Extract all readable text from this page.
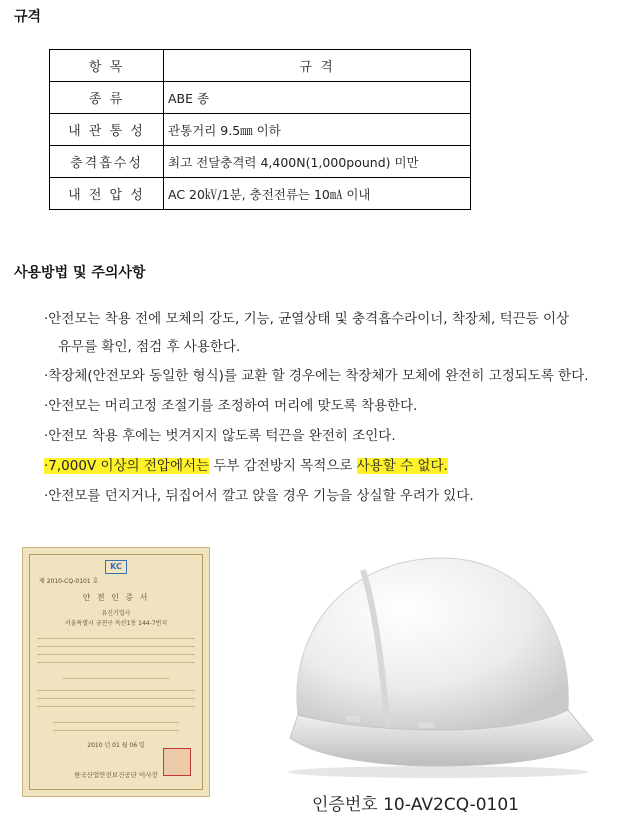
규격
항 목	규 격
종 류	ABE 종
내 관 통 성	관통거리 9.5㎜ 이하
충격흡수성	최고 전달충격력 4,400N(1,000pound) 미만
내 전 압 성	AC 20㎸/1분, 충전전류는 10㎃ 이내
사용방법 및 주의사항
·안전모는 착용 전에 모체의 강도, 기능, 균열상태 및 충격흡수라이너, 착장체, 턱끈등 이상
유무를 확인, 점검 후 사용한다.
·착장체(안전모와 동일한 형식)를 교환 할 경우에는 착장체가 모체에 완전히 고정되도록 한다.
·안전모는 머리고정 조절기를 조정하여 머리에 맞도록 착용한다.
·안전모 착용 후에는 벗겨지지 않도록 턱끈을 완전히 조인다.
·7,000V 이상의 전압에서는 두부 감전방지 목적으로 사용할 수 없다.
·안전모를 던지거나, 뒤집어서 깔고 앉을 경우 기능을 상실할 우려가 있다.
KC
제 2010-CQ-0101 호
안 전 인 증 서
유신기업사
서울특별시 금천구 독산1동 144-7번지
2010 년 01 월 06 일
한국산업안전보건공단 이사장
인증번호 10-AV2CQ-0101
